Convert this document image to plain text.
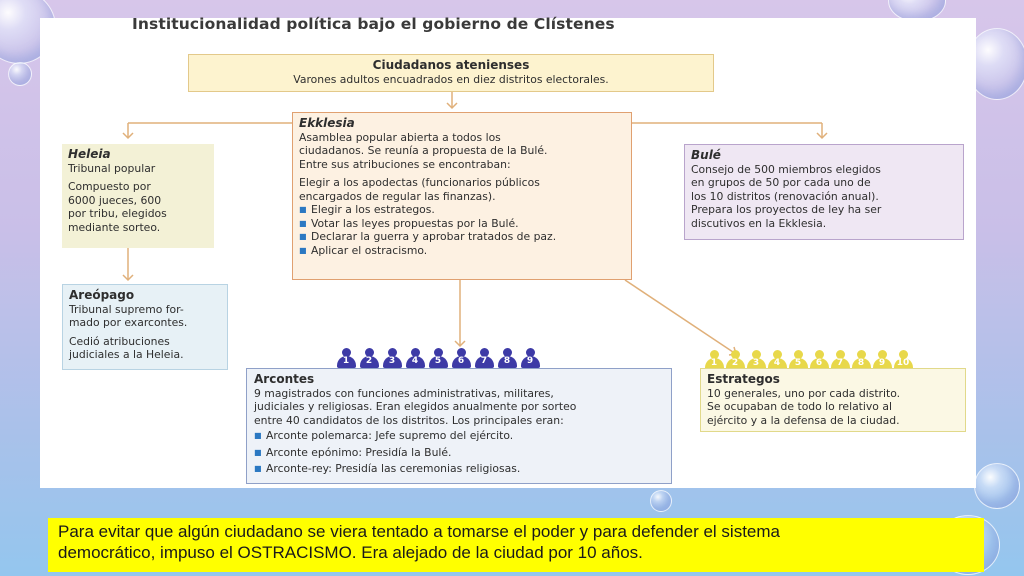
Institucionalidad política bajo el gobierno de Clístenes

Ciudadanos atenienses

Varones adultos encuadrados en diez distritos electorales.

Ekklesia

Asamblea popular abierta a todos los

ciudadanos. Se reunía a propuesta de la Bulé.

Entre sus atribuciones se encontraban:

Elegir a los apodectas (funcionarios públicos

encargados de regular las finanzas).

■ Elegir a los estrategos.
■ Votar las leyes propuestas por la Bulé.
■ Declarar la guerra y aprobar tratados de paz.
■ Aplicar el ostracismo.

Heleia

Tribunal popular

Compuesto por

6000 jueces, 600

por tribu, elegidos

mediante sorteo.

Bulé

Consejo de 500 miembros elegidos

en grupos de 50 por cada uno de

los 10 distritos (renovación anual).

Prepara los proyectos de ley ha ser

discutivos en la Ekklesia.

Areópago

Tribunal supremo for-

mado por exarcontes.

Cedió atribuciones

judiciales a la Heleia.	1	2	3	4	5	6	7	8	9

Arcontes

9 magistrados con funciones administrativas, militares,

judiciales y religiosas. Eran elegidos anualmente por sorteo

entre 40 candidatos de los distritos. Los principales eran:

■ Arconte polemarca: Jefe supremo del ejército.
■ Arconte epónimo: Presidía la Bulé.
■ Arconte-rey: Presidía las ceremonias religiosas.
1	2	3	4	5	6	7	8	9	10

Estrategos

10 generales, uno por cada distrito.

Se ocupaban de todo lo relativo al

ejército y a la defensa de la ciudad.

Para evitar que algún ciudadano se viera tentado a tomarse el poder y para defender el sistema
democrático, impuso el OSTRACISMO. Era alejado de la ciudad por 10 años.
